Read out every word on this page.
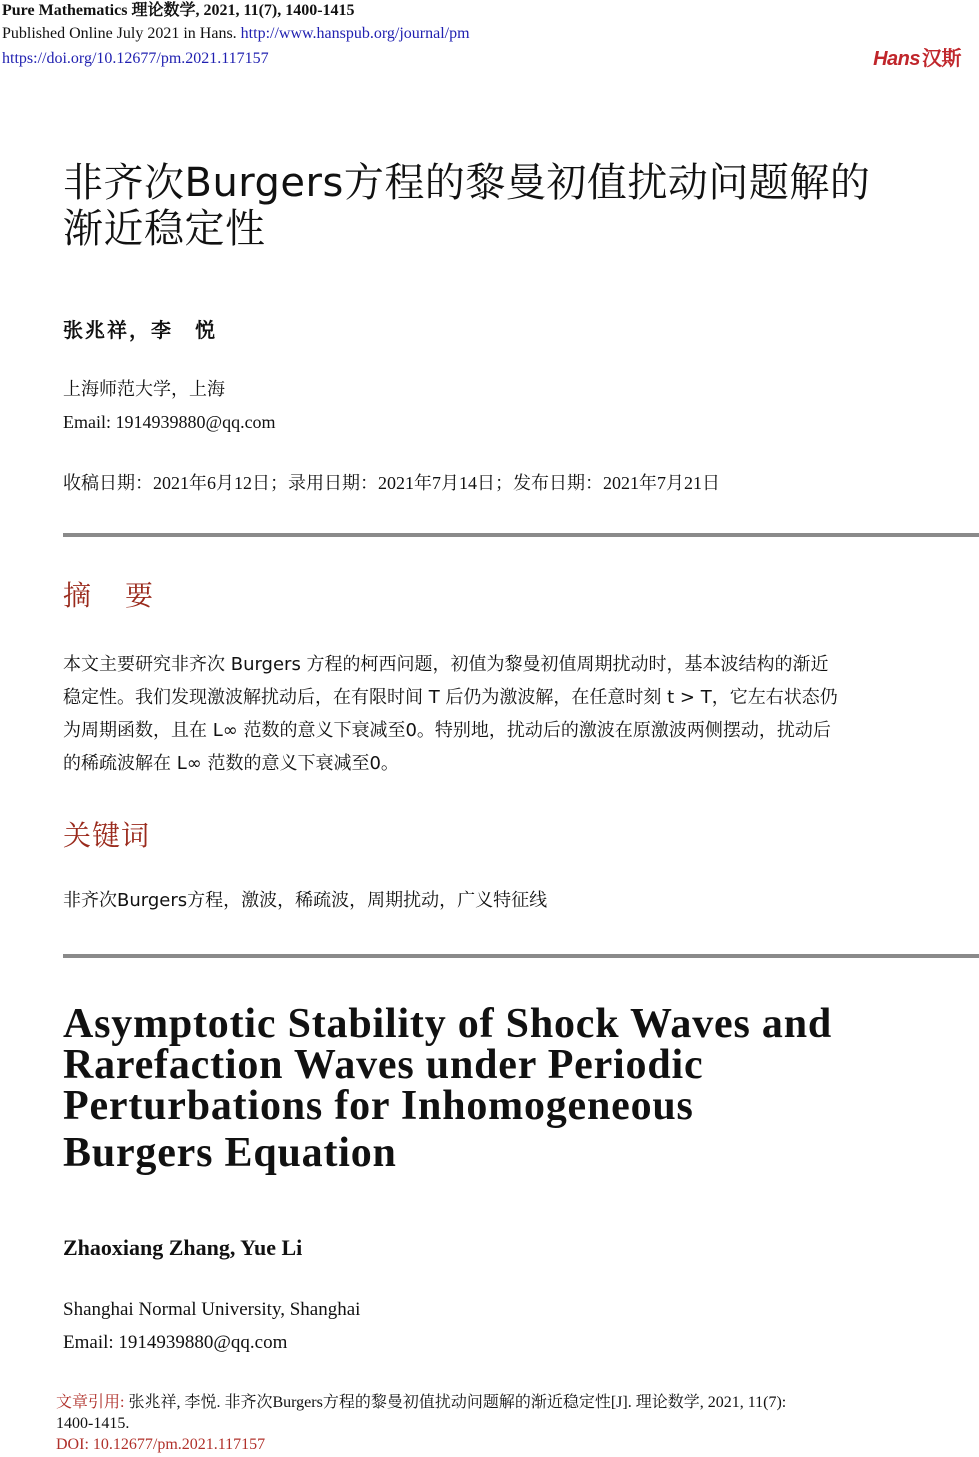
Pure Mathematics 理论数学, 2021, 11(7), 1400-1415
Published Online July 2021 in Hans. http://www.hanspub.org/journal/pm
https://doi.org/10.12677/pm.2021.117157	Hans 汉斯
非齐次Burgers方程的黎曼初值扰动问题解的
渐近稳定性
张兆祥，李　悦
上海师范大学，上海
Email: 1914939880@qq.com
收稿日期：2021年6月12日；录用日期：2021年7月14日；发布日期：2021年7月21日
摘　要
本文主要研究非齐次 Burgers 方程的柯西问题，初值为黎曼初值周期扰动时，基本波结构的渐近
稳定性。我们发现激波解扰动后，在有限时间 T 后仍为激波解，在任意时刻 t > T，它左右状态仍
为周期函数，且在 L∞ 范数的意义下衰减至0。特别地，扰动后的激波在原激波两侧摆动，扰动后
的稀疏波解在 L∞ 范数的意义下衰减至0。
关键词
非齐次Burgers方程，激波，稀疏波，周期扰动，广义特征线
Asymptotic Stability of Shock Waves and
Rarefaction Waves under Periodic
Perturbations for Inhomogeneous
Burgers Equation
Zhaoxiang Zhang, Yue Li
Shanghai Normal University, Shanghai
Email: 1914939880@qq.com
文章引用: 张兆祥, 李悦. 非齐次Burgers方程的黎曼初值扰动问题解的渐近稳定性[J]. 理论数学, 2021, 11(7):
1400-1415.
DOI: 10.12677/pm.2021.117157
